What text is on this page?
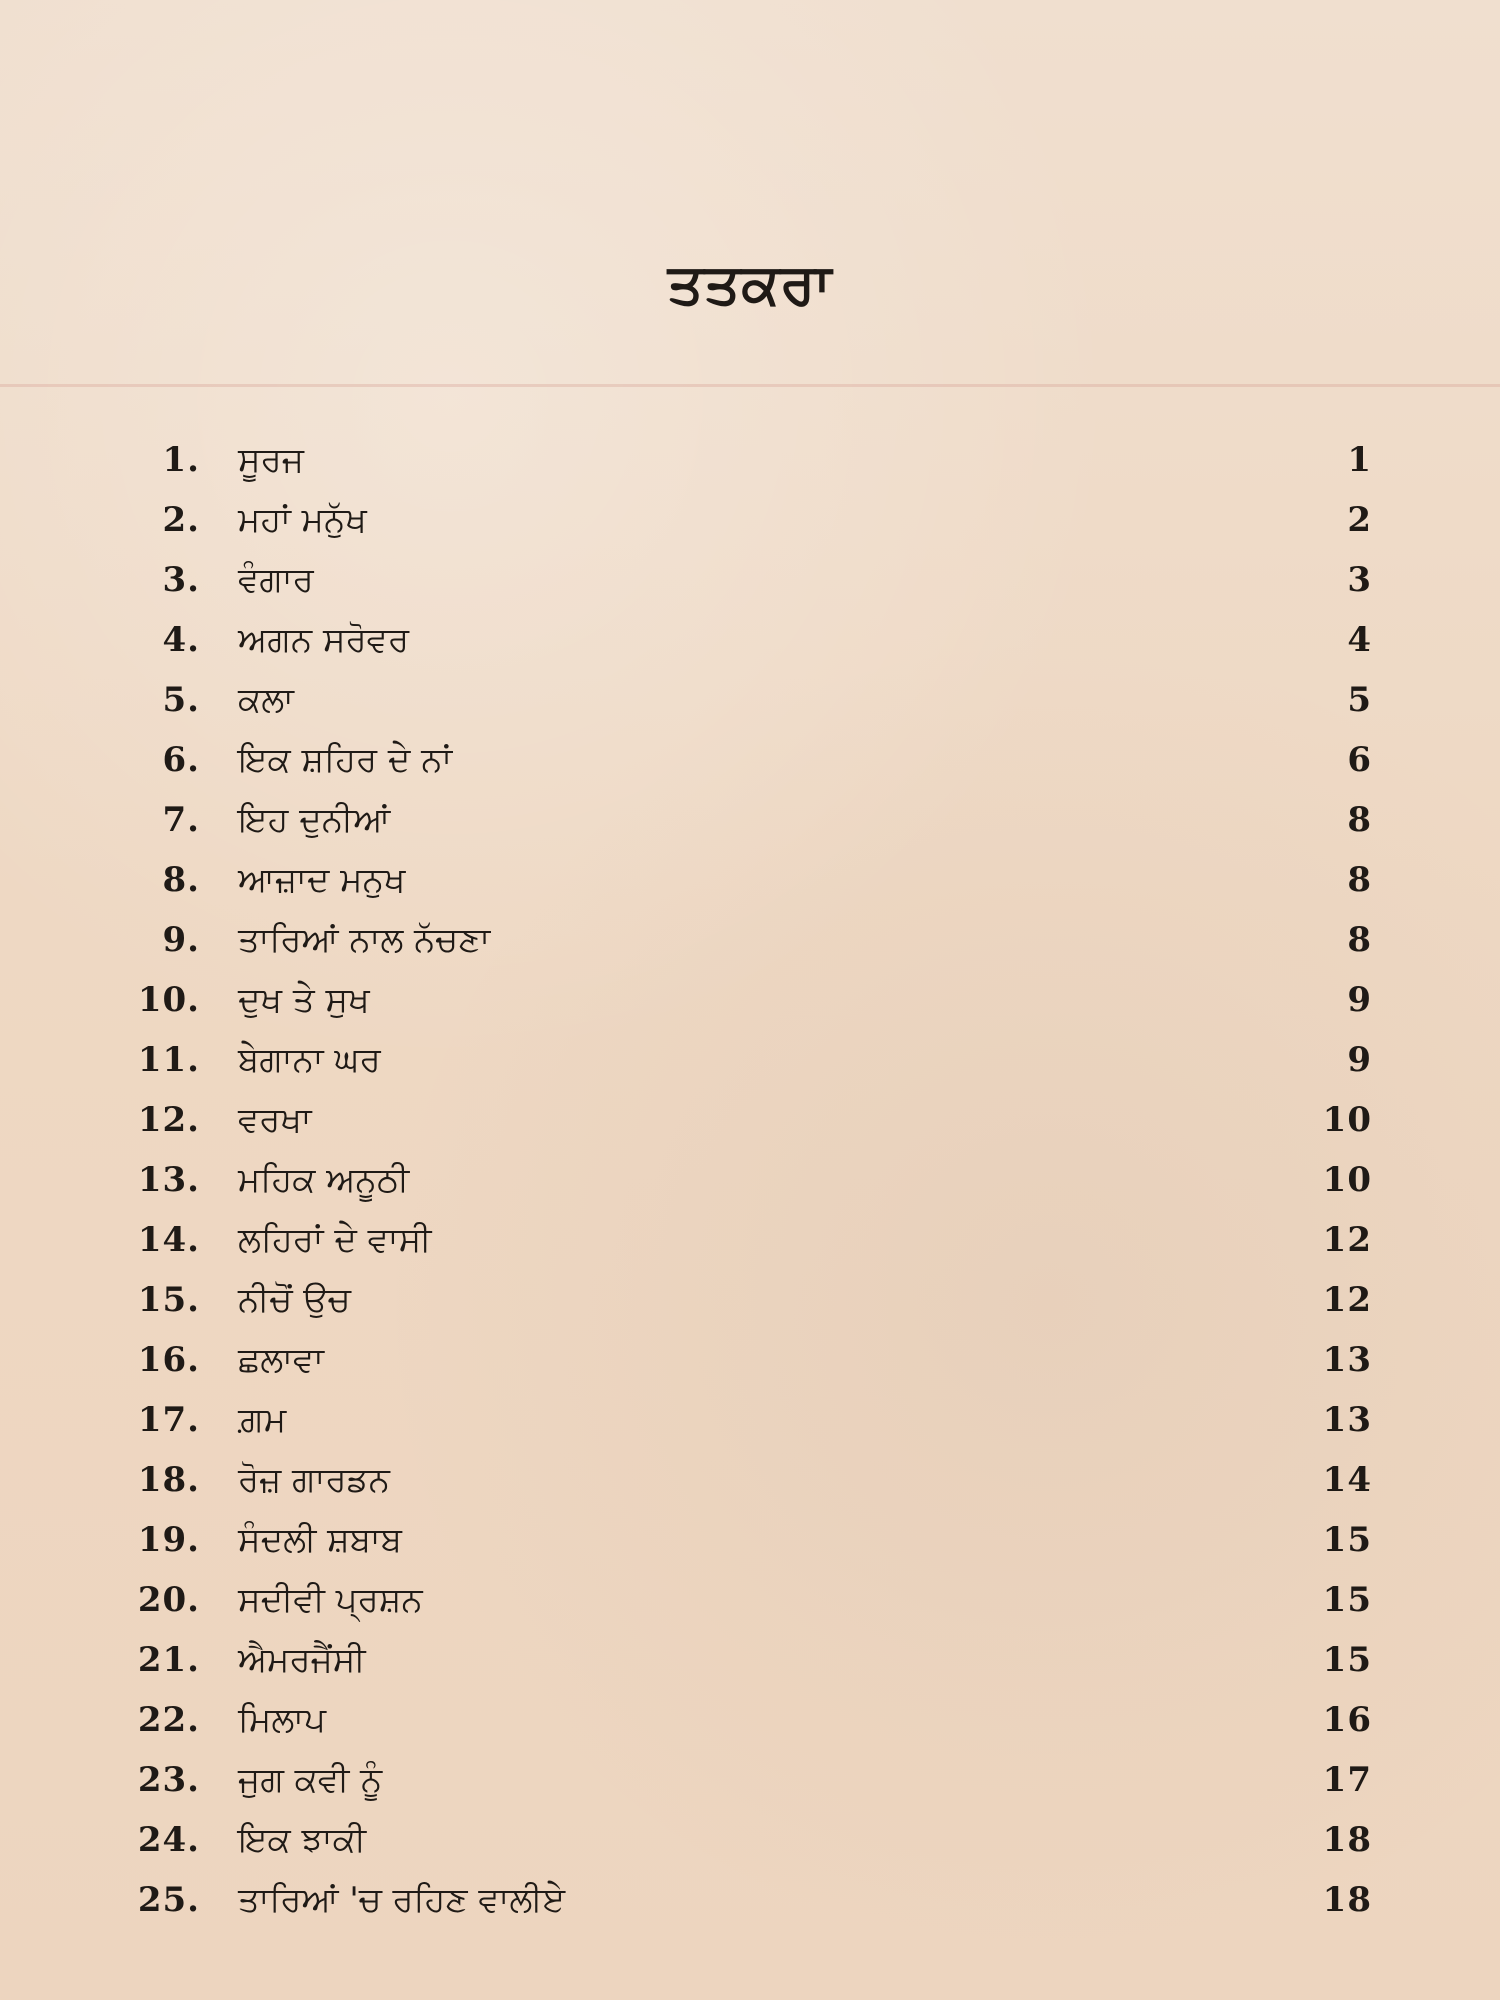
ਤਤਕਰਾ
1. ਸੂਰਜ	1
2. ਮਹਾਂ ਮਨੁੱਖ	2
3. ਵੰਗਾਰ	3
4. ਅਗਨ ਸਰੋਵਰ	4
5. ਕਲਾ	5
6. ਇਕ ਸ਼ਹਿਰ ਦੇ ਨਾਂ	6
7. ਇਹ ਦੁਨੀਆਂ	8
8. ਆਜ਼ਾਦ ਮਨੁਖ	8
9. ਤਾਰਿਆਂ ਨਾਲ ਨੱਚਣਾ	8
10. ਦੁਖ ਤੇ ਸੁਖ	9
11. ਬੇਗਾਨਾ ਘਰ	9
12. ਵਰਖਾ	10
13. ਮਹਿਕ ਅਨੂਠੀ	10
14. ਲਹਿਰਾਂ ਦੇ ਵਾਸੀ	12
15. ਨੀਚੋਂ ਉਚ	12
16. ਛਲਾਵਾ	13
17. ਗ਼ਮ	13
18. ਰੋਜ਼ ਗਾਰਡਨ	14
19. ਸੰਦਲੀ ਸ਼ਬਾਬ	15
20. ਸਦੀਵੀ ਪ੍ਰਸ਼ਨ	15
21. ਐਮਰਜੈਂਸੀ	15
22. ਮਿਲਾਪ	16
23. ਜੁਗ ਕਵੀ ਨੂੰ	17
24. ਇਕ ਝਾਕੀ	18
25. ਤਾਰਿਆਂ 'ਚ ਰਹਿਣ ਵਾਲੀਏ	18
